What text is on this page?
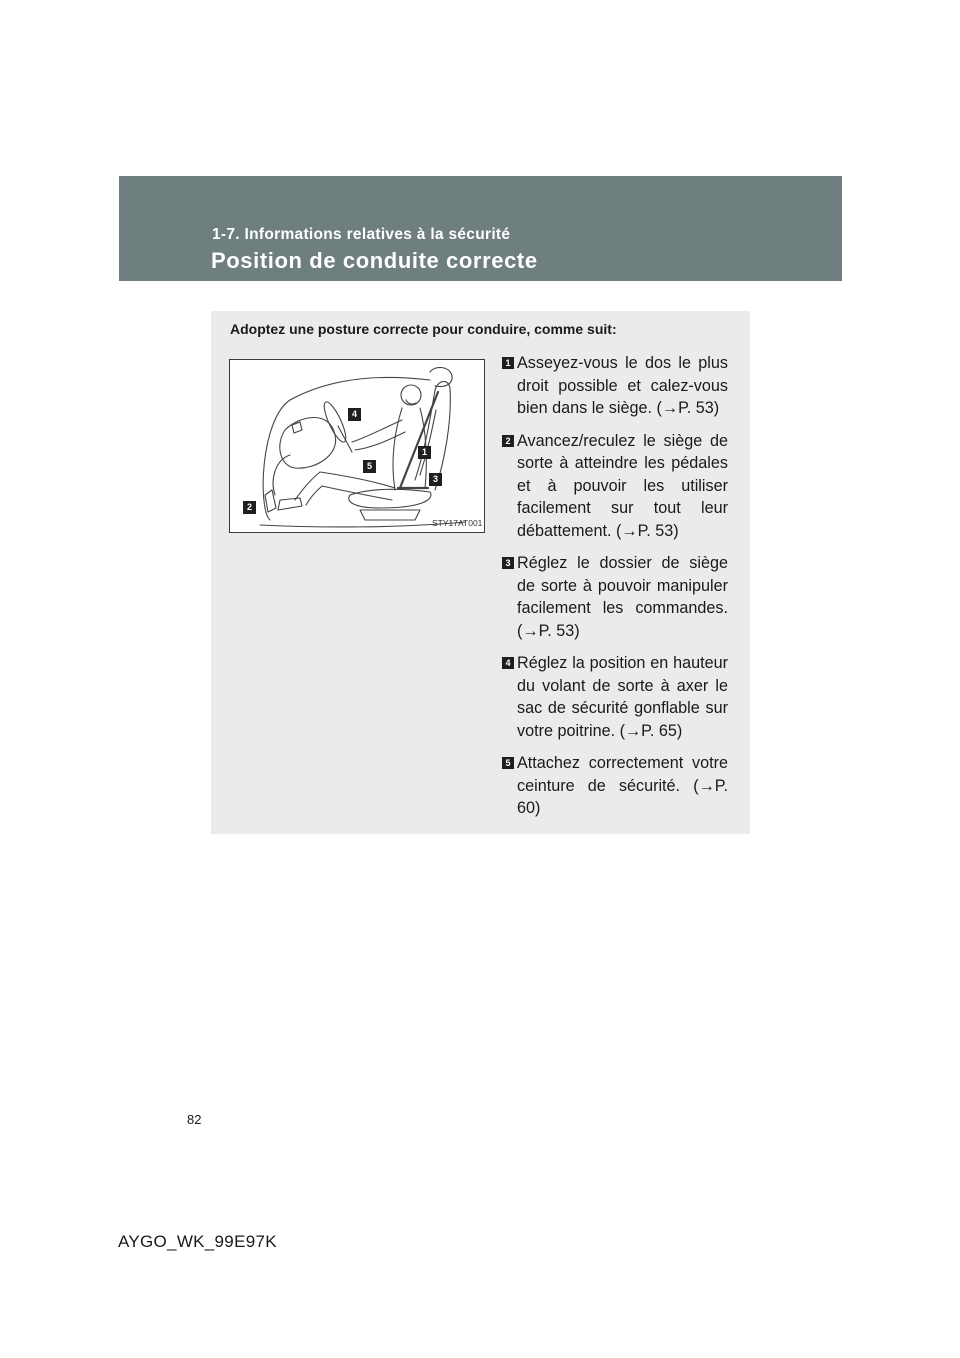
1-7. Informations relatives à la sécurité
Position de conduite correcte
Adoptez une posture correcte pour conduire, comme suit:
STY17AT001
1
2
3
4
5
1 Asseyez-vous le dos le plus droit possible et calez-vous bien dans le siège. (→P. 53)
2 Avancez/reculez le siège de sorte à atteindre les pédales et à pouvoir les utiliser facilement sur tout leur débattement. (→P. 53)
3 Réglez le dossier de siège de sorte à pouvoir manipuler facilement les commandes. (→P. 53)
4 Réglez la position en hauteur du volant de sorte à axer le sac de sécurité gonflable sur votre poitrine. (→P. 65)
5 Attachez correctement votre ceinture de sécurité. (→P. 60)
82
AYGO_WK_99E97K
